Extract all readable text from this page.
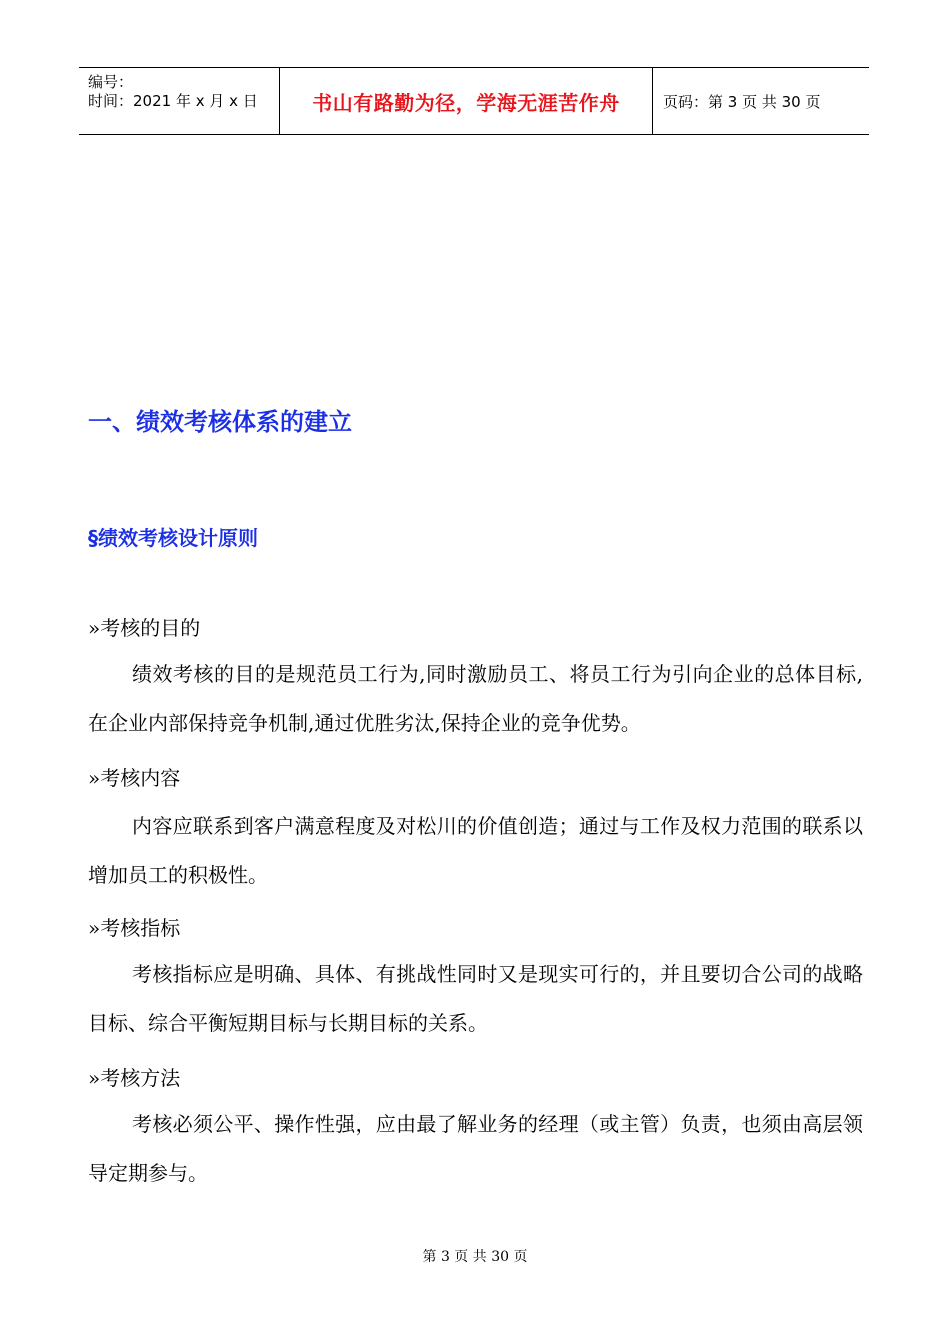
编号：
时间：2021 年 x 月 x 日	书山有路勤为径，学海无涯苦作舟	页码：第 3 页 共 30 页
一、绩效考核体系的建立
§绩效考核设计原则
»考核的目的
绩效考核的目的是规范员工行为,同时激励员工、将员工行为引向企业的总体目标, 在企业内部保持竞争机制,通过优胜劣汰,保持企业的竞争优势。
»考核内容
内容应联系到客户满意程度及对松川的价值创造；通过与工作及权力范围的联系以增加员工的积极性。
»考核指标
考核指标应是明确、具体、有挑战性同时又是现实可行的，并且要切合公司的战略目标、综合平衡短期目标与长期目标的关系。
»考核方法
考核必须公平、操作性强，应由最了解业务的经理（或主管）负责，也须由高层领导定期参与。
第 3 页 共 30 页
